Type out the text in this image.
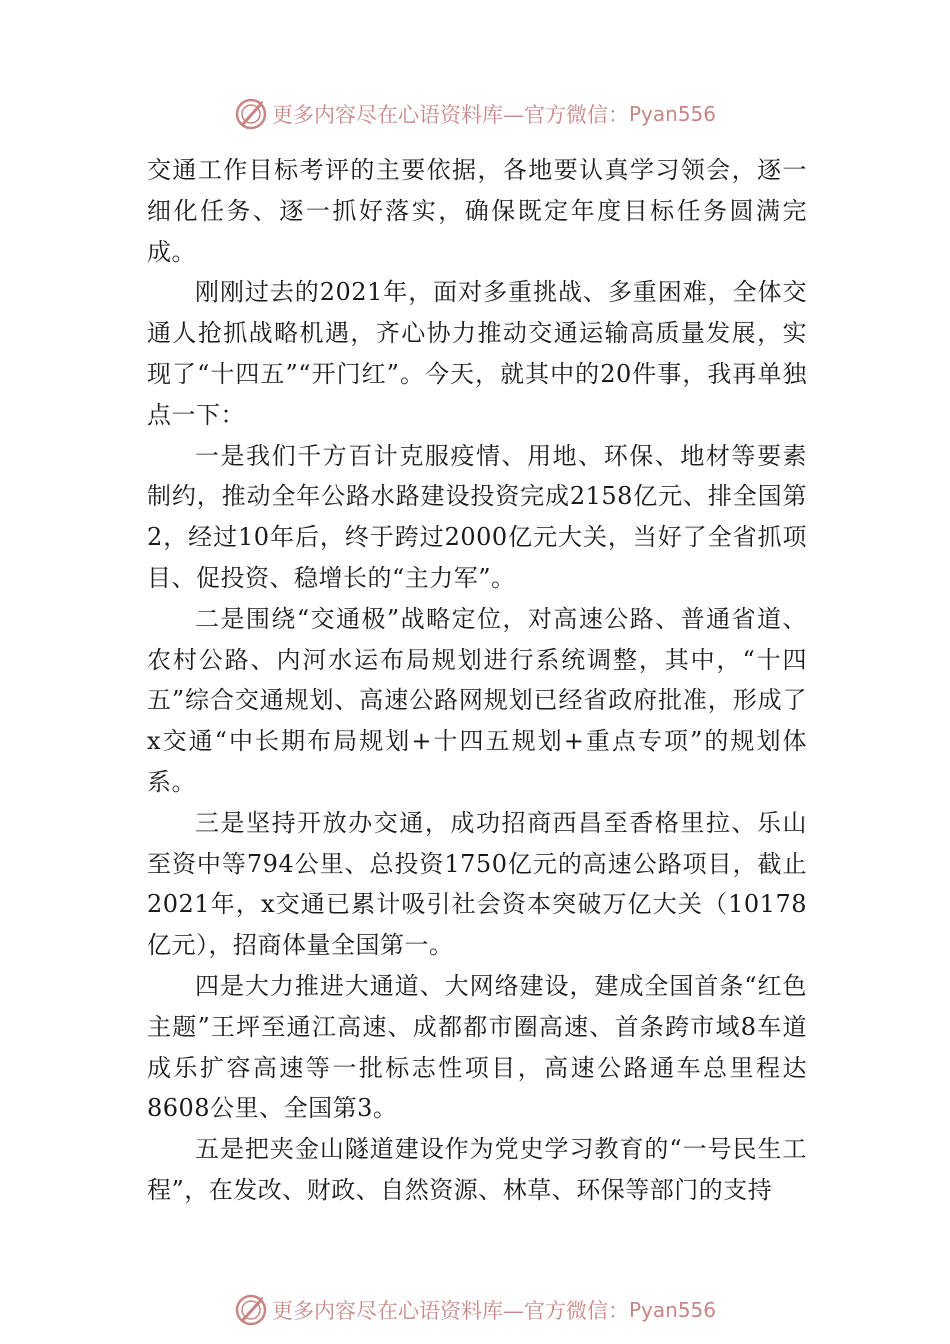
更多内容尽在心语资料库—官方微信： Pyan556

交通工作目标考评的主要依据，各地要认真学习领会，逐一细化任务、逐一抓好落实，确保既定年度目标任务圆满完成。

刚刚过去的2021年，面对多重挑战、多重困难，全体交通人抢抓战略机遇，齐心协力推动交通运输高质量发展，实现了“十四五”“开门红”。今天，就其中的20件事，我再单独点一下：

一是我们千方百计克服疫情、用地、环保、地材等要素制约，推动全年公路水路建设投资完成2158亿元、排全国第2，经过10年后，终于跨过2000亿元大关，当好了全省抓项目、促投资、稳增长的“主力军”。

二是围绕“交通极”战略定位，对高速公路、普通省道、农村公路、内河水运布局规划进行系统调整，其中，“十四五”综合交通规划、高速公路网规划已经省政府批准，形成了x交通“中长期布局规划+十四五规划+重点专项”的规划体系。

三是坚持开放办交通，成功招商西昌至香格里拉、乐山至资中等794公里、总投资1750亿元的高速公路项目，截止2021年，x交通已累计吸引社会资本突破万亿大关（10178亿元），招商体量全国第一。

四是大力推进大通道、大网络建设，建成全国首条“红色主题”王坪至通江高速、成都都市圈高速、首条跨市域8车道成乐扩容高速等一批标志性项目，高速公路通车总里程达8608公里、全国第3。

五是把夹金山隧道建设作为党史学习教育的“一号民生工程”，在发改、财政、自然资源、林草、环保等部门的支持

更多内容尽在心语资料库—官方微信： Pyan556
